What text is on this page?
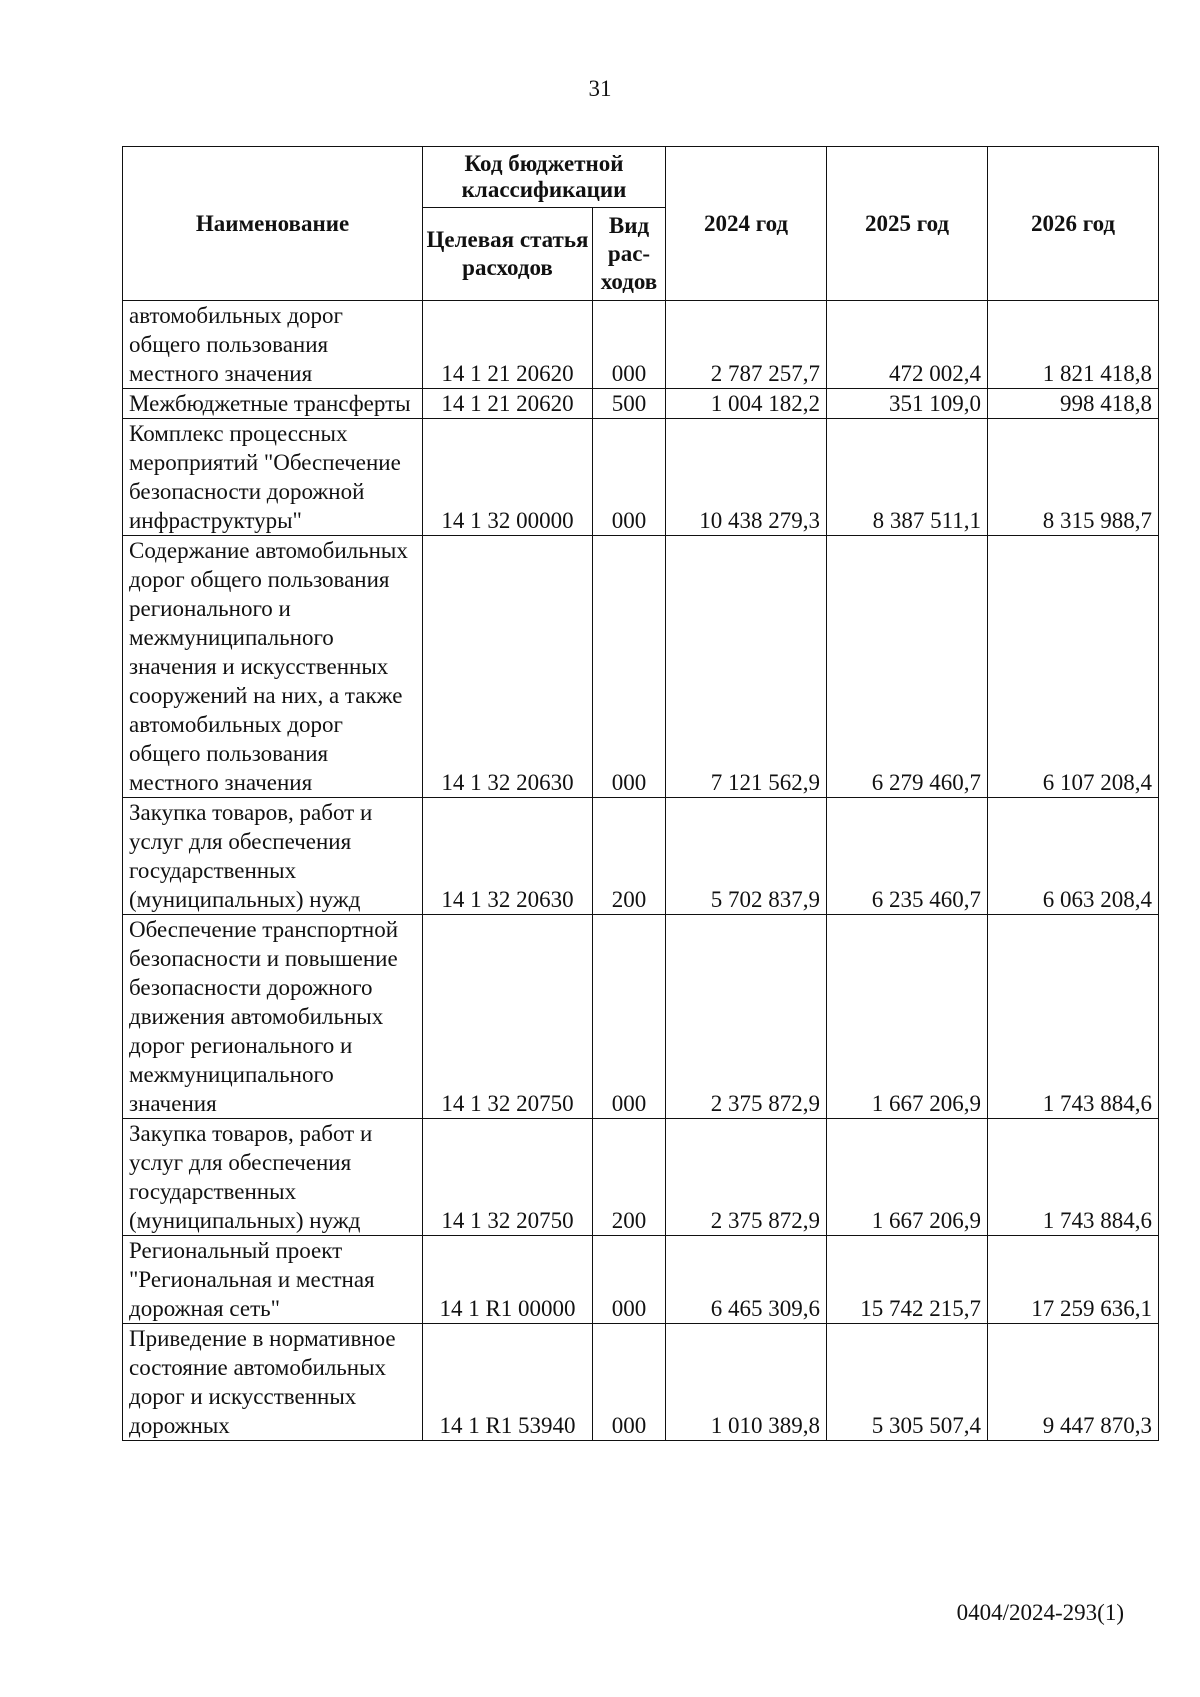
31
Наименование	Код бюджетной классификации		2024 год	2025 год	2026 год
	Целевая статья расходов	Вид рас-ходов			
автомобильных дорог общего пользования местного значения	14 1 21 20620	000	2 787 257,7	472 002,4	1 821 418,8
Межбюджетные трансферты	14 1 21 20620	500	1 004 182,2	351 109,0	998 418,8
Комплекс процессных мероприятий "Обеспечение безопасности дорожной инфраструктуры"	14 1 32 00000	000	10 438 279,3	8 387 511,1	8 315 988,7
Содержание автомобильных дорог общего пользования регионального и межмуниципального значения и искусственных сооружений на них, а также автомобильных дорог общего пользования местного значения	14 1 32 20630	000	7 121 562,9	6 279 460,7	6 107 208,4
Закупка товаров, работ и услуг для обеспечения государственных (муниципальных) нужд	14 1 32 20630	200	5 702 837,9	6 235 460,7	6 063 208,4
Обеспечение транспортной безопасности и повышение безопасности дорожного движения автомобильных дорог регионального и межмуниципального значения	14 1 32 20750	000	2 375 872,9	1 667 206,9	1 743 884,6
Закупка товаров, работ и услуг для обеспечения государственных (муниципальных) нужд	14 1 32 20750	200	2 375 872,9	1 667 206,9	1 743 884,6
Региональный проект "Региональная и местная дорожная сеть"	14 1 R1 00000	000	6 465 309,6	15 742 215,7	17 259 636,1
Приведение в нормативное состояние автомобильных дорог и искусственных дорожных	14 1 R1 53940	000	1 010 389,8	5 305 507,4	9 447 870,3
0404/2024-293(1)
